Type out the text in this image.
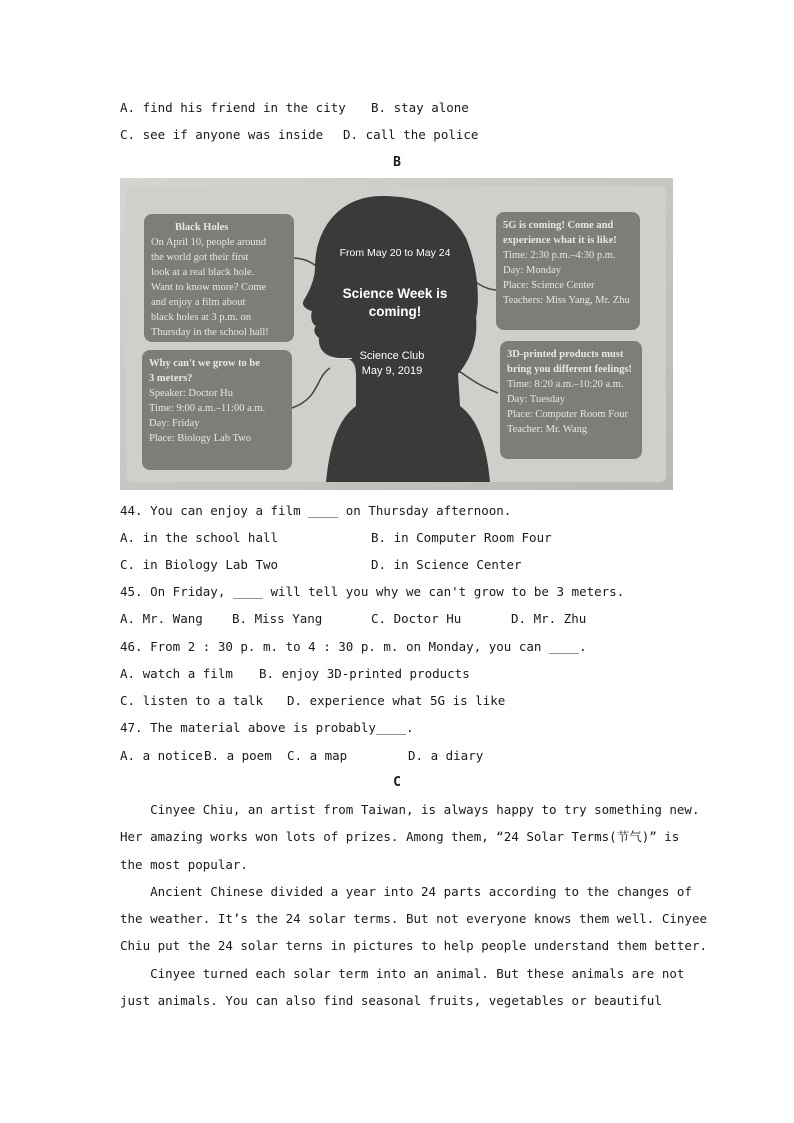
A. find his friend in the city B. stay alone
C. see if anyone was inside D. call the police
B
From May 20 to May 24
Science Week is
coming!
Science Club
May 9, 2019
Black Holes
On April 10, people around
the world got their first
look at a real black hole.
Want to know more? Come
and enjoy a film about
black holes at 3 p.m. on
Thursday in the school hall!
Why can't we grow to be
3 meters?
Speaker: Doctor Hu
Time: 9:00 a.m.–11:00 a.m.
Day: Friday
Place: Biology Lab Two
5G is coming! Come and
experience what it is like!
Time: 2:30 p.m.–4:30 p.m.
Day: Monday
Place: Science Center
Teachers: Miss Yang, Mr. Zhu
3D-printed products must
bring you different feelings!
Time: 8:20 a.m.–10:20 a.m.
Day: Tuesday
Place: Computer Room Four
Teacher: Mr. Wang
44. You can enjoy a film ____ on Thursday afternoon.
A. in the school hall	B. in Computer Room Four
C. in Biology Lab Two	D. in Science Center
45. On Friday, ____ will tell you why we can't grow to be 3 meters.
A. Mr. Wang B. Miss Yang	C. Doctor Hu	D. Mr. Zhu
46. From 2 : 30 p. m. to 4 : 30 p. m. on Monday, you can ____.
A. watch a film B. enjoy 3D-printed products
C. listen to a talk D. experience what 5G is like
47. The material above is probably____.
A. a notice B. a poem C. a map	D. a diary
C
Cinyee Chiu, an artist from Taiwan, is always happy to try something new.
Her amazing works won lots of prizes. Among them, “24 Solar Terms(节气)” is
the most popular.
Ancient Chinese divided a year into 24 parts according to the changes of
the weather. It’s the 24 solar terms. But not everyone knows them well. Cinyee
Chiu put the 24 solar terns in pictures to help people understand them better.
Cinyee turned each solar term into an animal. But these animals are not
just animals. You can also find seasonal fruits, vegetables or beautiful
